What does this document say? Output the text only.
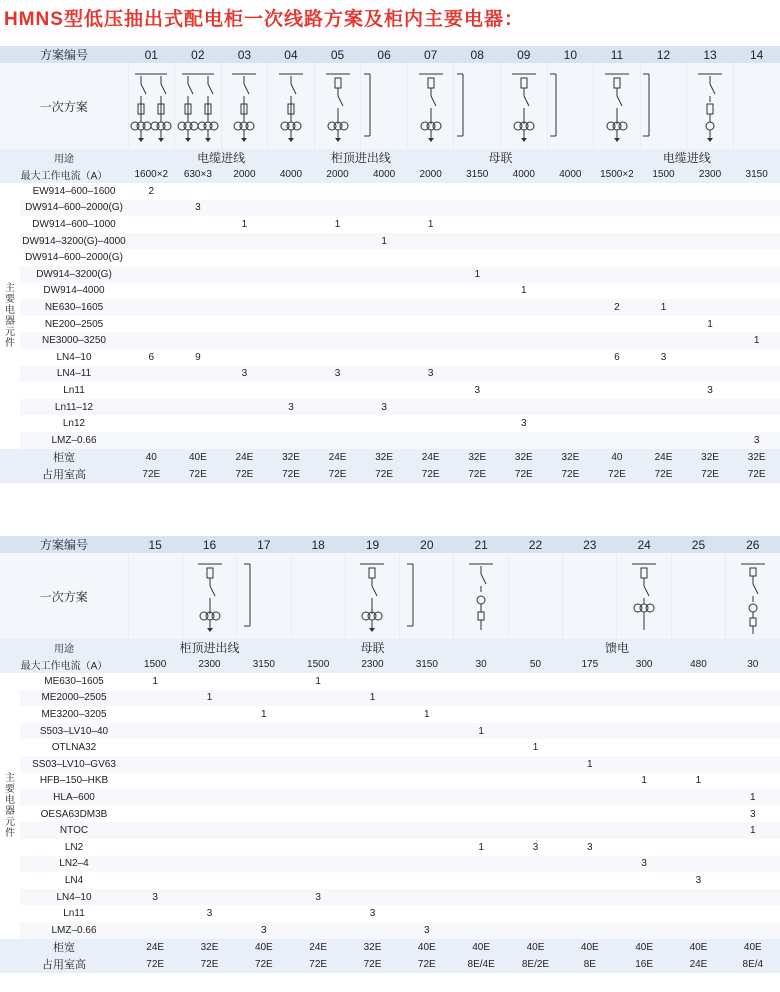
HMNS型低压抽出式配电柜一次线路方案及柜内主要电器：
方案编号		01	02	03	04	05	06	07	08	09	10	11	12	13	14
一次方案	

用途		电缆进线				柜顶进出线		母联				电缆进线			
最大工作电流（A）		1600×2	630×3	2000	4000	2000	4000	2000	3150	4000	4000	1500×2	1500	2300	3150

主要电器元件	EW914–600–1600	2													
	DW914–600–2000(G)		3												
	DW914–600–1000			1		1		1							
	DW914–3200(G)–4000						1								
	DW914–600–2000(G)														
	DW914–3200(G)								1						
	DW914–4000									1					
	NE630–1605											2	1		
	NE200–2505													1	
	NE3000–3250														1
	LN4–10	6	9									6	3		
	LN4–11			3		3		3							
	Ln11								3					3	
	Ln11–12				3		3								
	Ln12									3					
	LMZ–0.66														3
柜宽		40	40E	24E	32E	24E	32E	24E	32E	32E	32E	40	24E	32E	32E
占用室高		72E	72E	72E	72E	72E	72E	72E	72E	72E	72E	72E	72E	72E	72E
方案编号		15	16	17	18	19	20	21	22	23	24	25	26
一次方案		

用途		柜顶进出线			母联			馈电					
最大工作电流（A）		1500	2300	3150	1500	2300	3150	30	50	175	300	480	30

主要电器元件	ME630–1605	1			1								
	ME2000–2505		1			1							
	ME3200–3205			1			1						
	S503–LV10–40							1					
	OTLNA32								1				
	SS03–LV10–GV63									1			
	HFB–150–HKB										1	1	
	HLA–600												1
	OESA63DM3B												3
	NTOC												1
	LN2							1	3	3			
	LN2–4										3		
	LN4											3	
	LN4–10	3			3								
	Ln11		3			3							
	LMZ–0.66			3			3						
柜宽		24E	32E	40E	24E	32E	40E	40E	40E	40E	40E	40E	40E
占用室高		72E	72E	72E	72E	72E	72E	8E/4E	8E/2E	8E	16E	24E	8E/4
